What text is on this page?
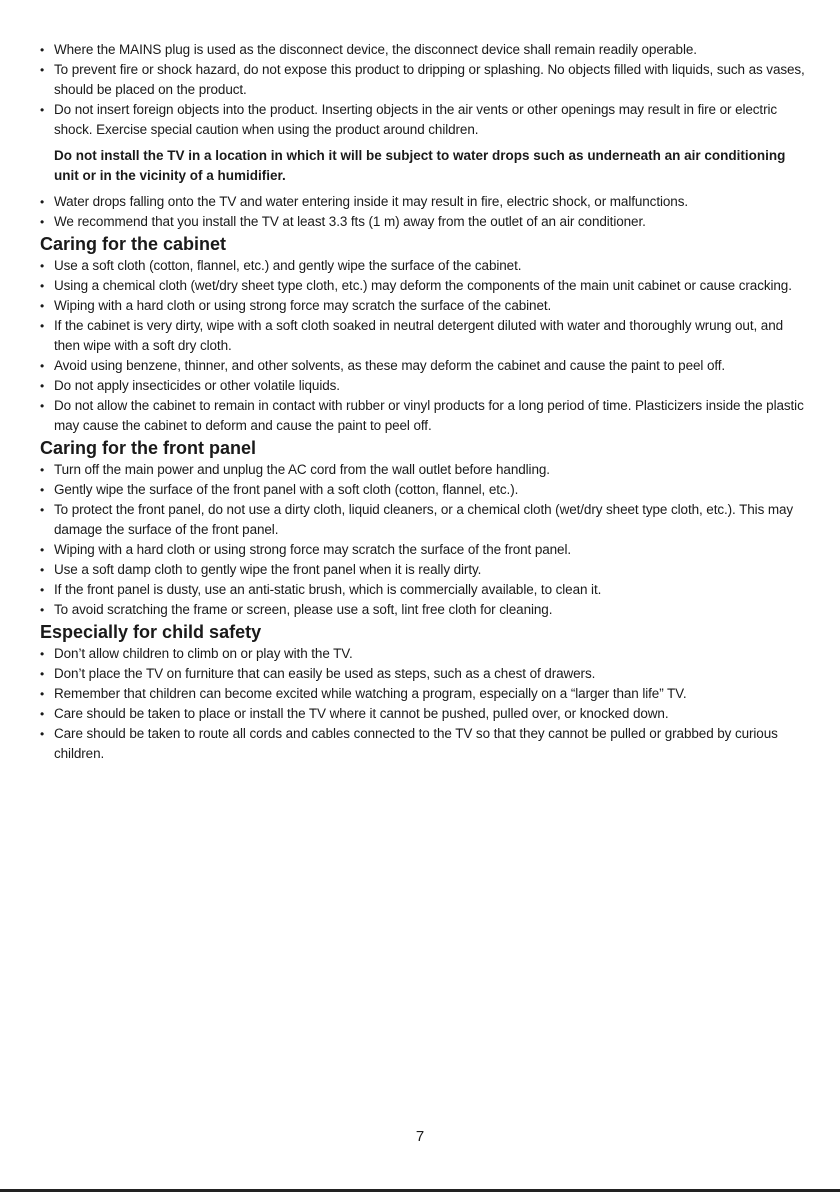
• Where the MAINS plug is used as the disconnect device, the disconnect device shall remain readily operable.
• To prevent fire or shock hazard, do not expose this product to dripping or splashing. No objects filled with liquids, such as vases, should be placed on the product.
• Do not insert foreign objects into the product. Inserting objects in the air vents or other openings may result in fire or electric shock. Exercise special caution when using the product around children.

Do not install the TV in a location in which it will be subject to water drops such as underneath an air conditioning unit or in the vicinity of a humidifier.

• Water drops falling onto the TV and water entering inside it may result in fire, electric shock, or malfunctions.
• We recommend that you install the TV at least 3.3 fts (1 m) away from the outlet of an air conditioner.
Caring for the cabinet
• Use a soft cloth (cotton, flannel, etc.) and gently wipe the surface of the cabinet.
• Using a chemical cloth (wet/dry sheet type cloth, etc.) may deform the components of the main unit cabinet or cause cracking.
• Wiping with a hard cloth or using strong force may scratch the surface of the cabinet.
• If the cabinet is very dirty, wipe with a soft cloth soaked in neutral detergent diluted with water and thoroughly wrung out, and then wipe with a soft dry cloth.
• Avoid using benzene, thinner, and other solvents, as these may deform the cabinet and cause the paint to peel off.
• Do not apply insecticides or other volatile liquids.
• Do not allow the cabinet to remain in contact with rubber or vinyl products for a long period of time. Plasticizers inside the plastic may cause the cabinet to deform and cause the paint to peel off.
Caring for the front panel
• Turn off the main power and unplug the AC cord from the wall outlet before handling.
• Gently wipe the surface of the front panel with a soft cloth (cotton, flannel, etc.).
• To protect the front panel, do not use a dirty cloth, liquid cleaners, or a chemical cloth (wet/dry sheet type cloth, etc.). This may damage the surface of the front panel.
• Wiping with a hard cloth or using strong force may scratch the surface of the front panel.
• Use a soft damp cloth to gently wipe the front panel when it is really dirty.
• If the front panel is dusty, use an anti-static brush, which is commercially available, to clean it.
• To avoid scratching the frame or screen, please use a soft, lint free cloth for cleaning.
Especially for child safety
• Don’t allow children to climb on or play with the TV.
• Don’t place the TV on furniture that can easily be used as steps, such as a chest of drawers.
• Remember that children can become excited while watching a program, especially on a “larger than life” TV.
• Care should be taken to place or install the TV where it cannot be pushed, pulled over, or knocked down.
• Care should be taken to route all cords and cables connected to the TV so that they cannot be pulled or grabbed by curious children.
7
